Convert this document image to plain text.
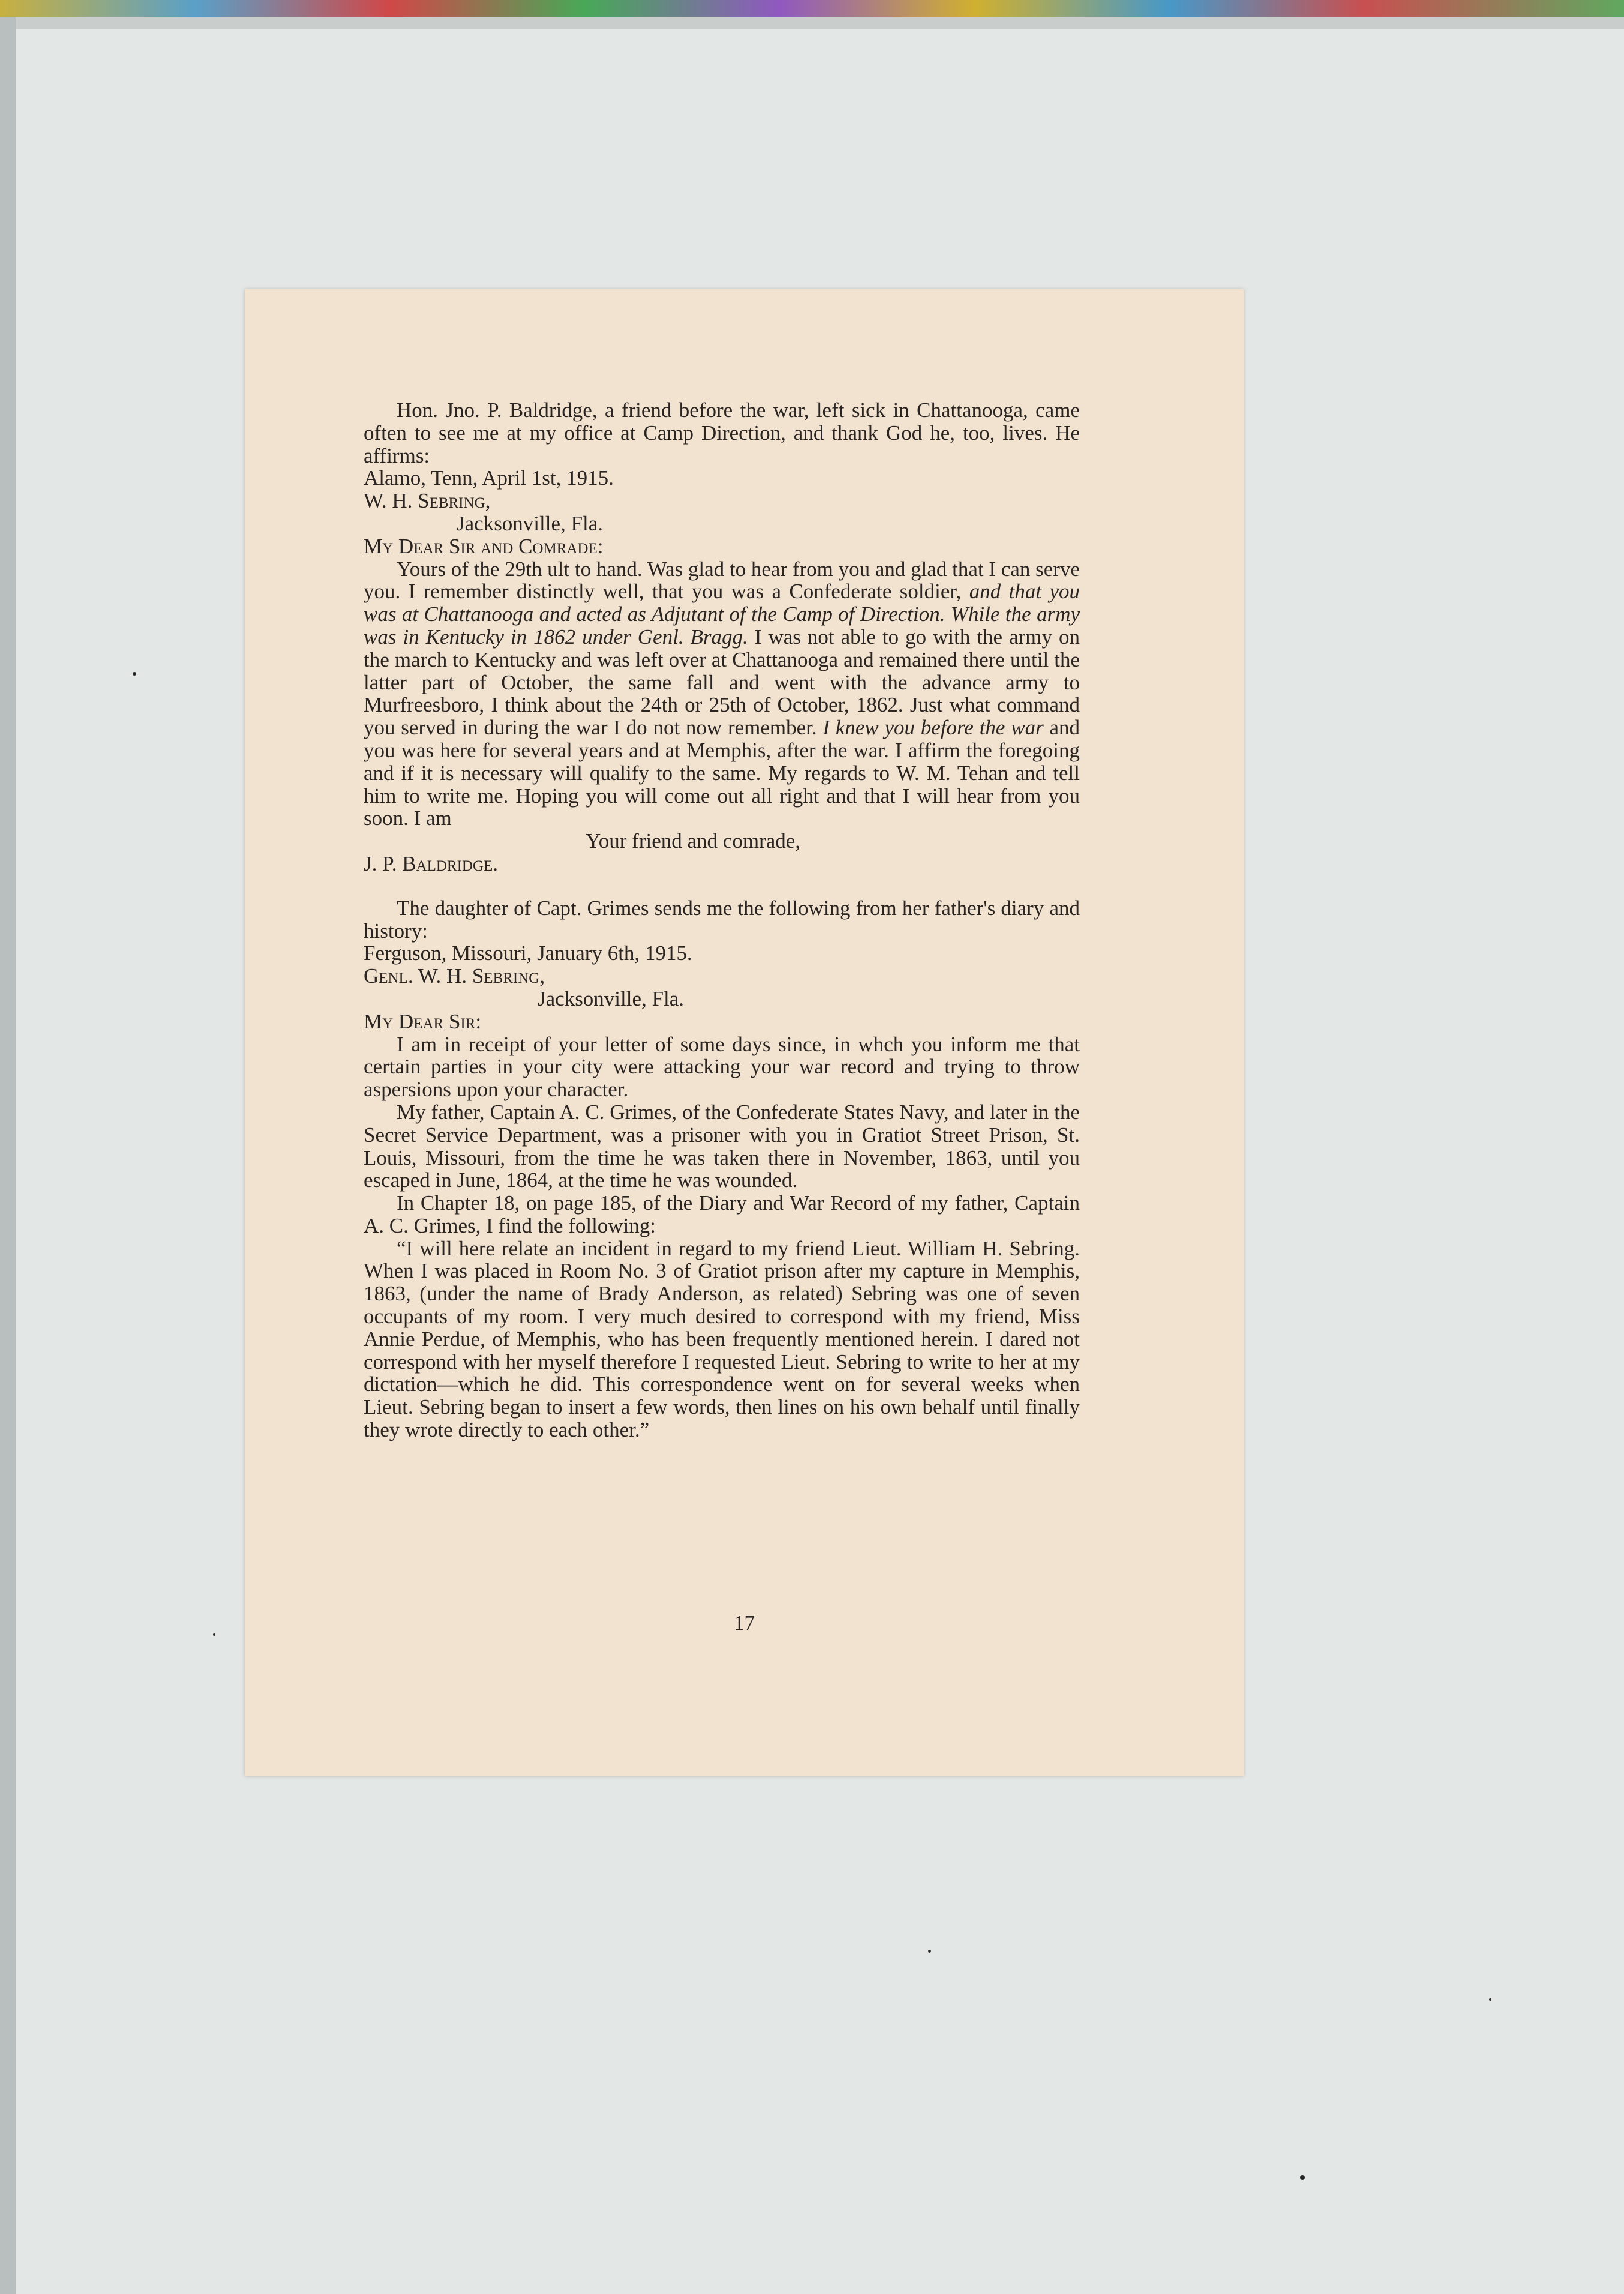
Hon. Jno. P. Baldridge, a friend before the war, left sick in Chattanooga, came often to see me at my office at Camp Direction, and thank God he, too, lives. He affirms:

Alamo, Tenn, April 1st, 1915.

W. H. Sebring,

Jacksonville, Fla.

My Dear Sir and Comrade:

Yours of the 29th ult to hand. Was glad to hear from you and glad that I can serve you. I remember distinctly well, that you was a Confederate soldier, and that you was at Chattanooga and acted as Adjutant of the Camp of Direction. While the army was in Kentucky in 1862 under Genl. Bragg. I was not able to go with the army on the march to Kentucky and was left over at Chattanooga and remained there until the latter part of October, the same fall and went with the advance army to Murfreesboro, I think about the 24th or 25th of October, 1862. Just what command you served in during the war I do not now remember. I knew you before the war and you was here for several years and at Memphis, after the war. I affirm the foregoing and if it is necessary will qualify to the same. My regards to W. M. Tehan and tell him to write me. Hoping you will come out all right and that I will hear from you soon. I am

Your friend and comrade,

J. P. Baldridge.

The daughter of Capt. Grimes sends me the following from her father's diary and history:

Ferguson, Missouri, January 6th, 1915.

Genl. W. H. Sebring,

Jacksonville, Fla.

My Dear Sir:

I am in receipt of your letter of some days since, in whch you inform me that certain parties in your city were attacking your war record and trying to throw aspersions upon your character.

My father, Captain A. C. Grimes, of the Confederate States Navy, and later in the Secret Service Department, was a prisoner with you in Gratiot Street Prison, St. Louis, Missouri, from the time he was taken there in November, 1863, until you escaped in June, 1864, at the time he was wounded.

In Chapter 18, on page 185, of the Diary and War Record of my father, Captain A. C. Grimes, I find the following:

“I will here relate an incident in regard to my friend Lieut. William H. Sebring. When I was placed in Room No. 3 of Gratiot prison after my capture in Memphis, 1863, (under the name of Brady Anderson, as related) Sebring was one of seven occupants of my room. I very much desired to correspond with my friend, Miss Annie Perdue, of Memphis, who has been frequently mentioned herein. I dared not correspond with her myself therefore I requested Lieut. Sebring to write to her at my dictation—which he did. This correspondence went on for several weeks when Lieut. Sebring began to insert a few words, then lines on his own behalf until finally they wrote directly to each other.”

17
